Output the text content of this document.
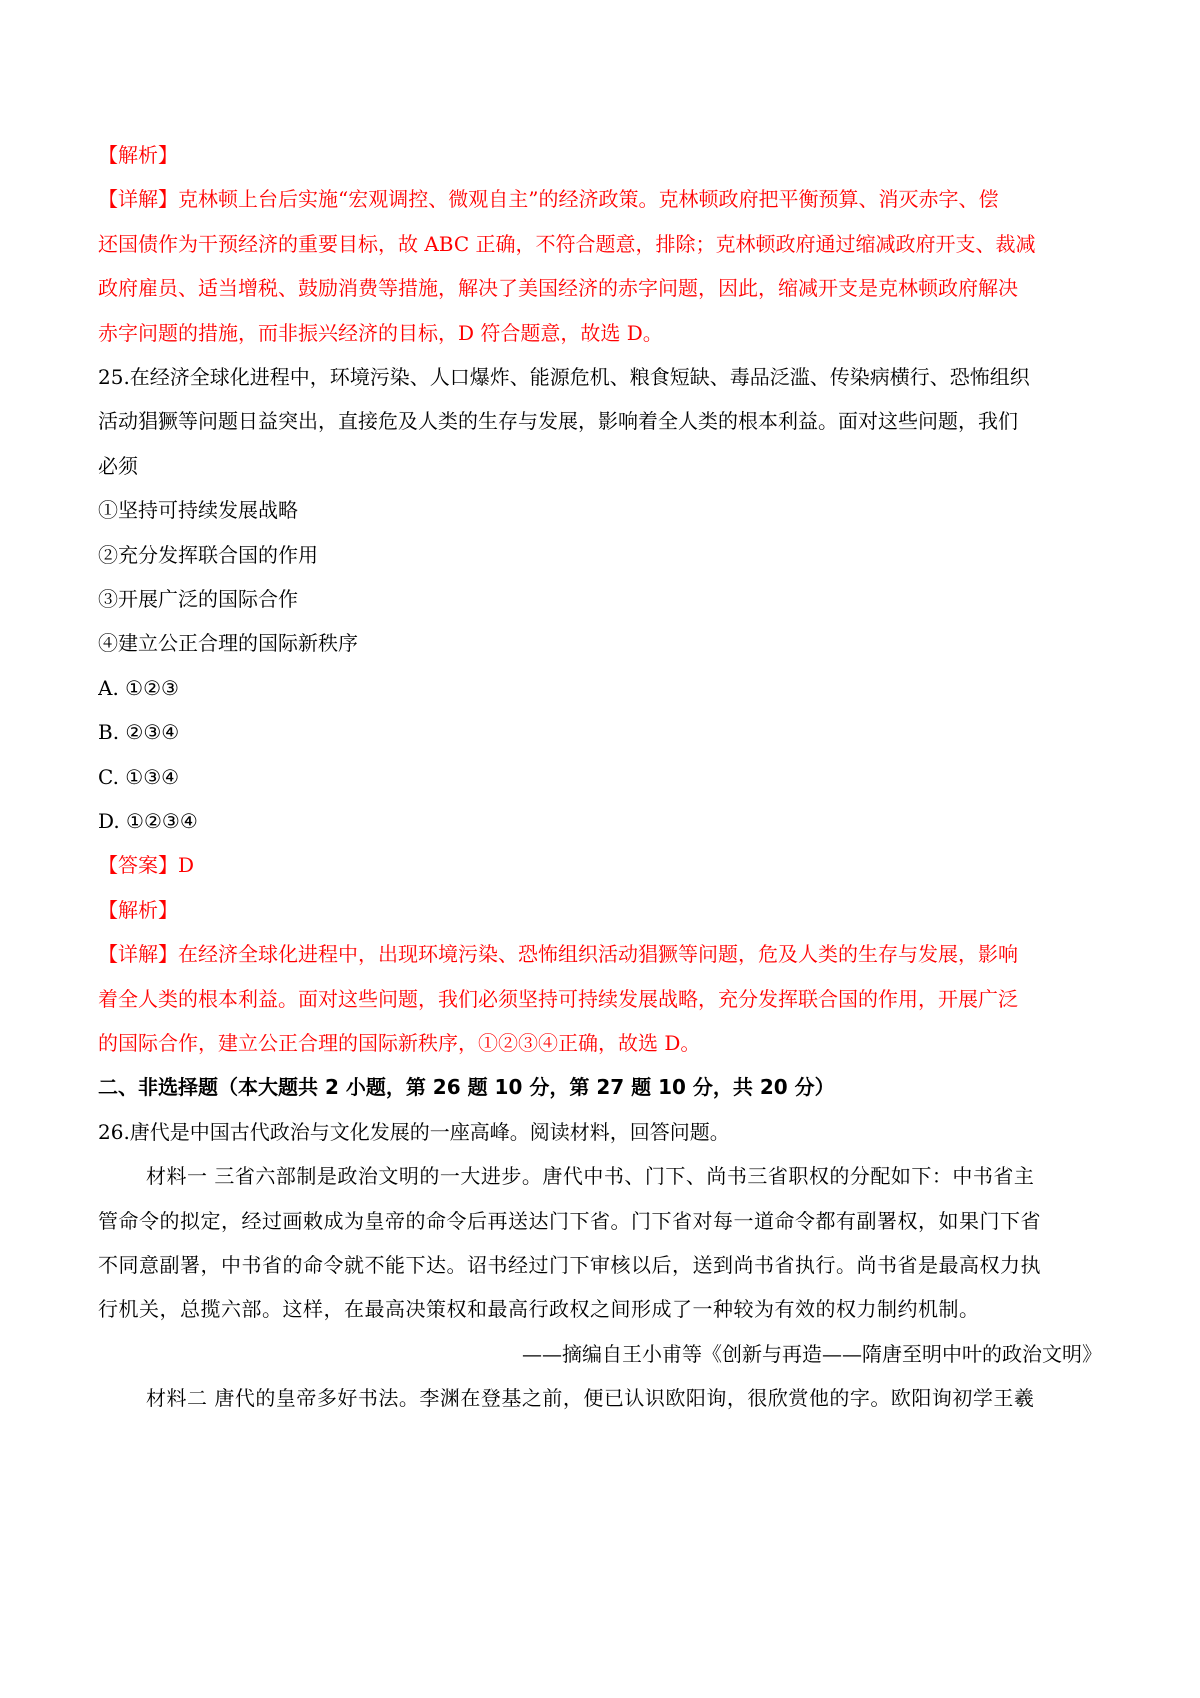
【解析】
【详解】克林顿上台后实施“宏观调控、微观自主”的经济政策。克林顿政府把平衡预算、消灭赤字、偿
还国债作为干预经济的重要目标，故 ABC 正确，不符合题意，排除；克林顿政府通过缩减政府开支、裁减
政府雇员、适当增税、鼓励消费等措施，解决了美国经济的赤字问题，因此，缩减开支是克林顿政府解决
赤字问题的措施，而非振兴经济的目标，D 符合题意，故选 D。
25.在经济全球化进程中，环境污染、人口爆炸、能源危机、粮食短缺、毒品泛滥、传染病横行、恐怖组织
活动猖獗等问题日益突出，直接危及人类的生存与发展，影响着全人类的根本利益。面对这些问题，我们
必须
①坚持可持续发展战略
②充分发挥联合国的作用
③开展广泛的国际合作
④建立公正合理的国际新秩序
A. ①②③
B. ②③④
C. ①③④
D. ①②③④
【答案】D
【解析】
【详解】在经济全球化进程中，出现环境污染、恐怖组织活动猖獗等问题，危及人类的生存与发展，影响
着全人类的根本利益。面对这些问题，我们必须坚持可持续发展战略，充分发挥联合国的作用，开展广泛
的国际合作，建立公正合理的国际新秩序，①②③④正确，故选 D。
二、非选择题（本大题共 2 小题，第 26 题 10 分，第 27 题 10 分，共 20 分）
26.唐代是中国古代政治与文化发展的一座高峰。阅读材料，回答问题。
材料一 三省六部制是政治文明的一大进步。唐代中书、门下、尚书三省职权的分配如下：中书省主
管命令的拟定，经过画敕成为皇帝的命令后再送达门下省。门下省对每一道命令都有副署权，如果门下省
不同意副署，中书省的命令就不能下达。诏书经过门下审核以后，送到尚书省执行。尚书省是最高权力执
行机关，总揽六部。这样，在最高决策权和最高行政权之间形成了一种较为有效的权力制约机制。
——摘编自王小甫等《创新与再造——隋唐至明中叶的政治文明》
材料二 唐代的皇帝多好书法。李渊在登基之前，便已认识欧阳询，很欣赏他的字。欧阳询初学王羲
